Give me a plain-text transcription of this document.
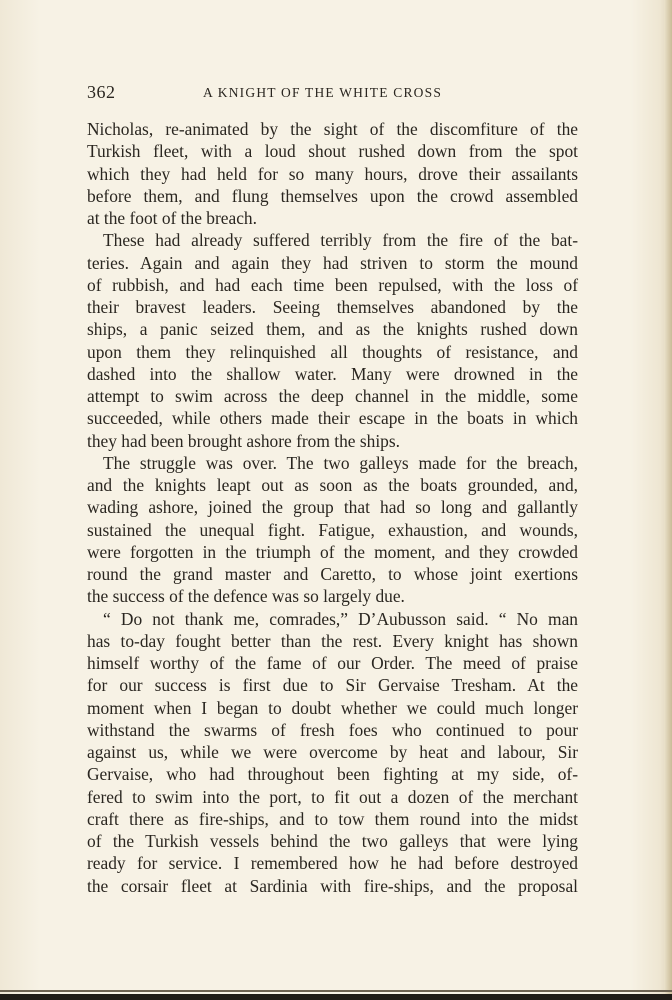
362	A KNIGHT OF THE WHITE CROSS
Nicholas, re-animated by the sight of the discomfiture of the
Turkish fleet, with a loud shout rushed down from the spot
which they had held for so many hours, drove their assailants
before them, and flung themselves upon the crowd assembled
at the foot of the breach.
These had already suffered terribly from the fire of the bat-
teries. Again and again they had striven to storm the mound
of rubbish, and had each time been repulsed, with the loss of
their bravest leaders. Seeing themselves abandoned by the
ships, a panic seized them, and as the knights rushed down
upon them they relinquished all thoughts of resistance, and
dashed into the shallow water. Many were drowned in the
attempt to swim across the deep channel in the middle, some
succeeded, while others made their escape in the boats in which
they had been brought ashore from the ships.
The struggle was over. The two galleys made for the breach,
and the knights leapt out as soon as the boats grounded, and,
wading ashore, joined the group that had so long and gallantly
sustained the unequal fight. Fatigue, exhaustion, and wounds,
were forgotten in the triumph of the moment, and they crowded
round the grand master and Caretto, to whose joint exertions
the success of the defence was so largely due.
“ Do not thank me, comrades,” D’Aubusson said. “ No man
has to-day fought better than the rest. Every knight has shown
himself worthy of the fame of our Order. The meed of praise
for our success is first due to Sir Gervaise Tresham. At the
moment when I began to doubt whether we could much longer
withstand the swarms of fresh foes who continued to pour
against us, while we were overcome by heat and labour, Sir
Gervaise, who had throughout been fighting at my side, of-
fered to swim into the port, to fit out a dozen of the merchant
craft there as fire-ships, and to tow them round into the midst
of the Turkish vessels behind the two galleys that were lying
ready for service. I remembered how he had before destroyed
the corsair fleet at Sardinia with fire-ships, and the proposal
